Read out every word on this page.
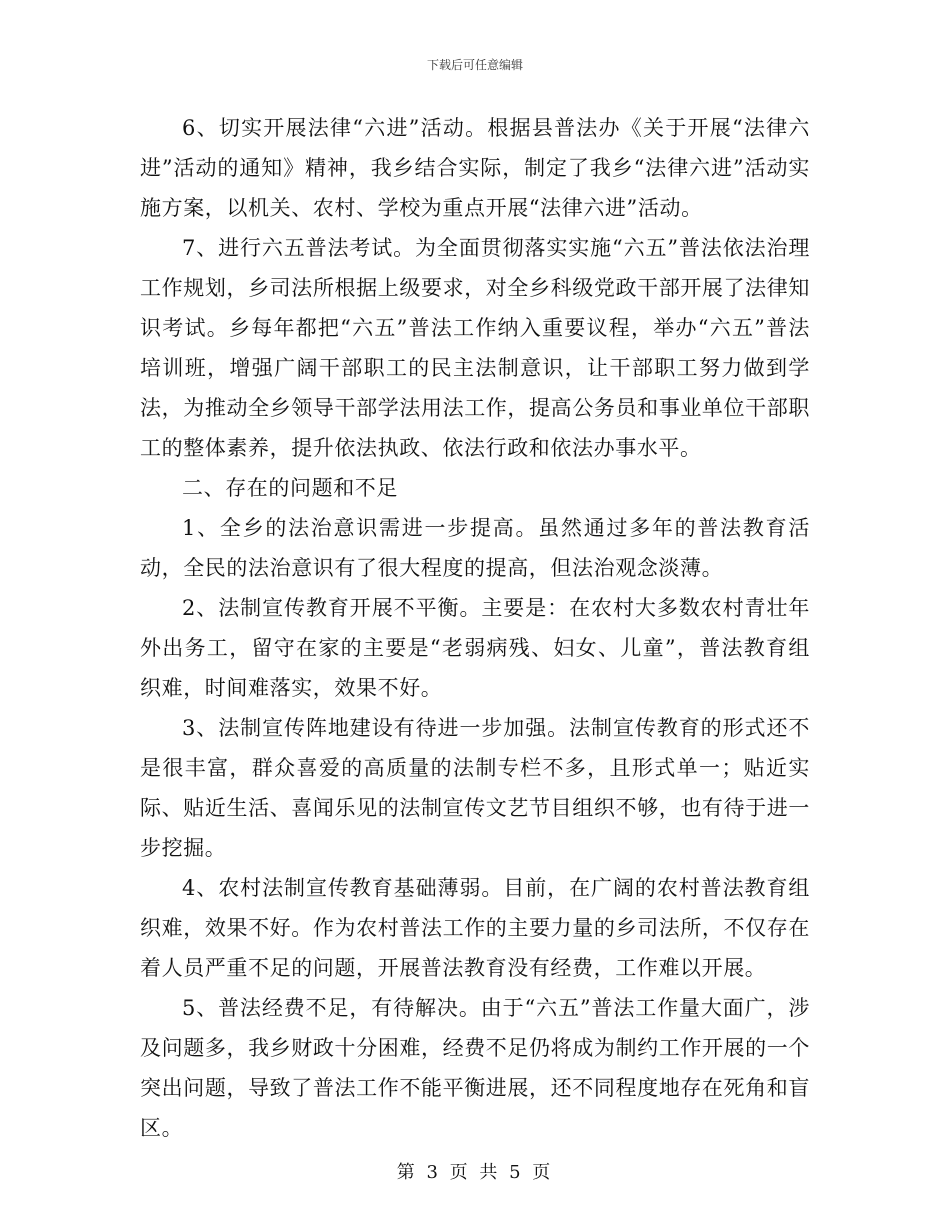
下载后可任意编辑

6、切实开展法律“六进”活动。根据县普法办《关于开展“法律六进”活动的通知》精神，我乡结合实际，制定了我乡“法律六进”活动实施方案，以机关、农村、学校为重点开展“法律六进”活动。

7、进行六五普法考试。为全面贯彻落实实施“六五”普法依法治理工作规划，乡司法所根据上级要求，对全乡科级党政干部开展了法律知识考试。乡每年都把“六五”普法工作纳入重要议程，举办“六五”普法培训班，增强广阔干部职工的民主法制意识，让干部职工努力做到学法，为推动全乡领导干部学法用法工作，提高公务员和事业单位干部职工的整体素养，提升依法执政、依法行政和依法办事水平。

二、存在的问题和不足

1、全乡的法治意识需进一步提高。虽然通过多年的普法教育活动，全民的法治意识有了很大程度的提高，但法治观念淡薄。

2、法制宣传教育开展不平衡。主要是：在农村大多数农村青壮年外出务工，留守在家的主要是“老弱病残、妇女、儿童”，普法教育组织难，时间难落实，效果不好。

3、法制宣传阵地建设有待进一步加强。法制宣传教育的形式还不是很丰富，群众喜爱的高质量的法制专栏不多，且形式单一；贴近实际、贴近生活、喜闻乐见的法制宣传文艺节目组织不够，也有待于进一步挖掘。

4、农村法制宣传教育基础薄弱。目前，在广阔的农村普法教育组织难，效果不好。作为农村普法工作的主要力量的乡司法所，不仅存在着人员严重不足的问题，开展普法教育没有经费，工作难以开展。

5、普法经费不足，有待解决。由于“六五”普法工作量大面广，涉及问题多，我乡财政十分困难，经费不足仍将成为制约工作开展的一个突出问题，导致了普法工作不能平衡进展，还不同程度地存在死角和盲区。

第 3 页 共 5 页
